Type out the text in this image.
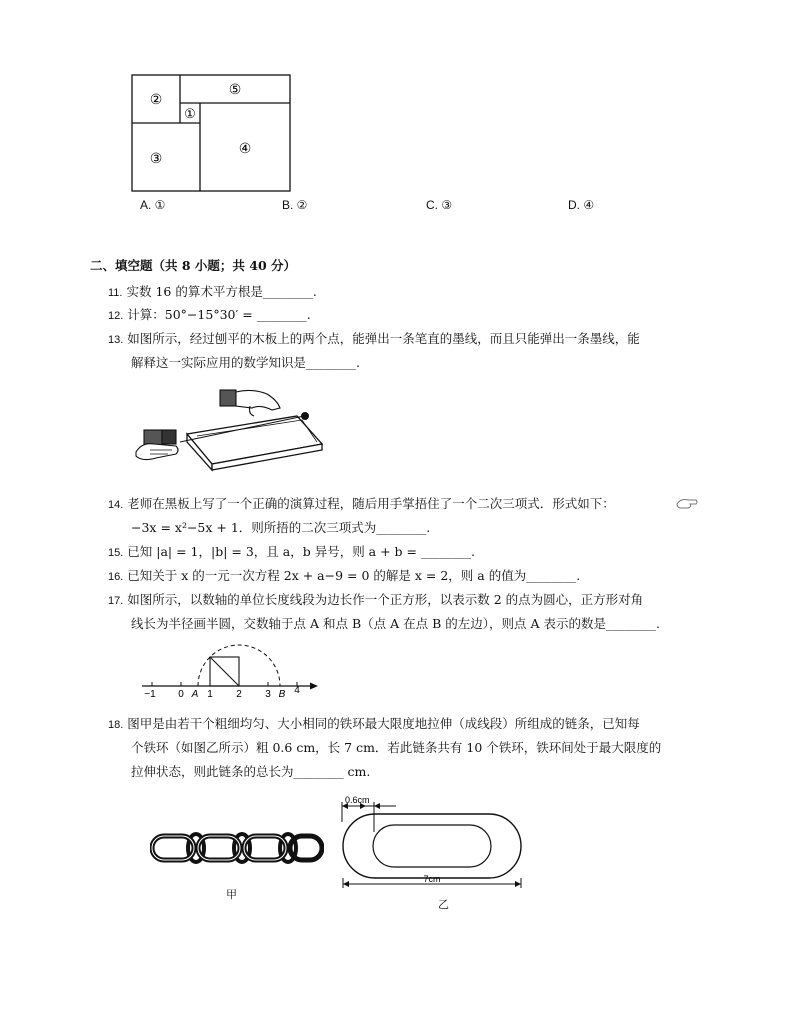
②
⑤
①
③
④
A. ①	B. ②	C. ③	D. ④
二、填空题（共 8 小题；共 40 分）
11. 实数 16 的算术平方根是________.
12. 计算：50°−15°30′ = ________.
13. 如图所示，经过刨平的木板上的两个点，能弹出一条笔直的墨线，而且只能弹出一条墨线，能
解释这一实际应用的数学知识是________.
14. 老师在黑板上写了一个正确的演算过程，随后用手掌捂住了一个二次三项式．形式如下：
−3x = x²−5x + 1．则所捂的二次三项式为________.
15. 已知 |a| = 1，|b| = 3，且 a，b 异号，则 a + b = ________.
16. 已知关于 x 的一元一次方程 2x + a−9 = 0 的解是 x = 2，则 a 的值为________.
17. 如图所示，以数轴的单位长度线段为边长作一个正方形，以表示数 2 的点为圆心，正方形对角
线长为半径画半圆，交数轴于点 A 和点 B（点 A 在点 B 的左边），则点 A 表示的数是________.
−1 0 A 1 2 3 B 4
18. 图甲是由若干个粗细均匀、大小相同的铁环最大限度地拉伸（成线段）所组成的链条，已知每
个铁环（如图乙所示）粗 0.6 cm，长 7 cm．若此链条共有 10 个铁环，铁环间处于最大限度的
拉伸状态，则此链条的总长为________ cm.
甲
0.6cm
7cm
乙
